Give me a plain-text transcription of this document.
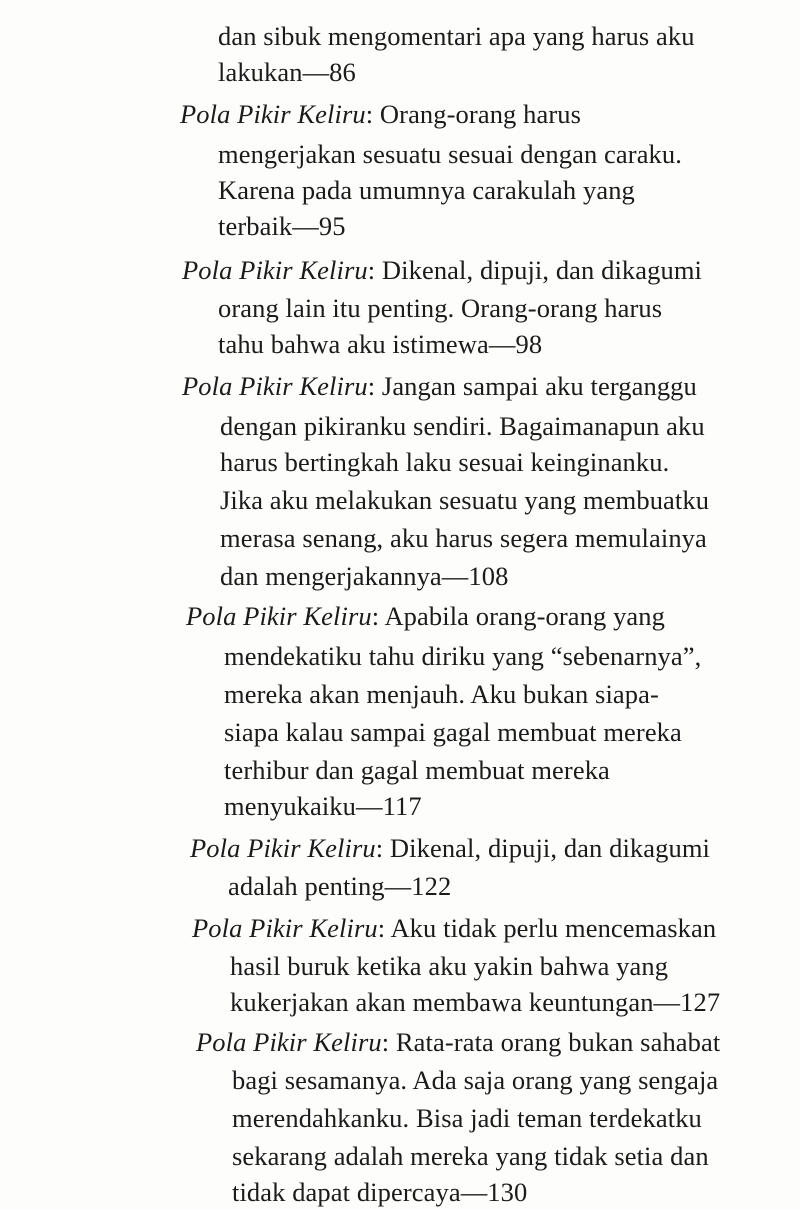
dan sibuk mengomentari apa yang harus aku
lakukan—86
Pola Pikir Keliru: Orang-orang harus
mengerjakan sesuatu sesuai dengan caraku.
Karena pada umumnya carakulah yang
terbaik—95
Pola Pikir Keliru: Dikenal, dipuji, dan dikagumi
orang lain itu penting. Orang-orang harus
tahu bahwa aku istimewa—98
Pola Pikir Keliru: Jangan sampai aku terganggu
dengan pikiranku sendiri. Bagaimanapun aku
harus bertingkah laku sesuai keinginanku.
Jika aku melakukan sesuatu yang membuatku
merasa senang, aku harus segera memulainya
dan mengerjakannya—108
Pola Pikir Keliru: Apabila orang-orang yang
mendekatiku tahu diriku yang “sebenarnya”,
mereka akan menjauh. Aku bukan siapa-
siapa kalau sampai gagal membuat mereka
terhibur dan gagal membuat mereka
menyukaiku—117
Pola Pikir Keliru: Dikenal, dipuji, dan dikagumi
adalah penting—122
Pola Pikir Keliru: Aku tidak perlu mencemaskan
hasil buruk ketika aku yakin bahwa yang
kukerjakan akan membawa keuntungan—127
Pola Pikir Keliru: Rata-rata orang bukan sahabat
bagi sesamanya. Ada saja orang yang sengaja
merendahkanku. Bisa jadi teman terdekatku
sekarang adalah mereka yang tidak setia dan
tidak dapat dipercaya—130
